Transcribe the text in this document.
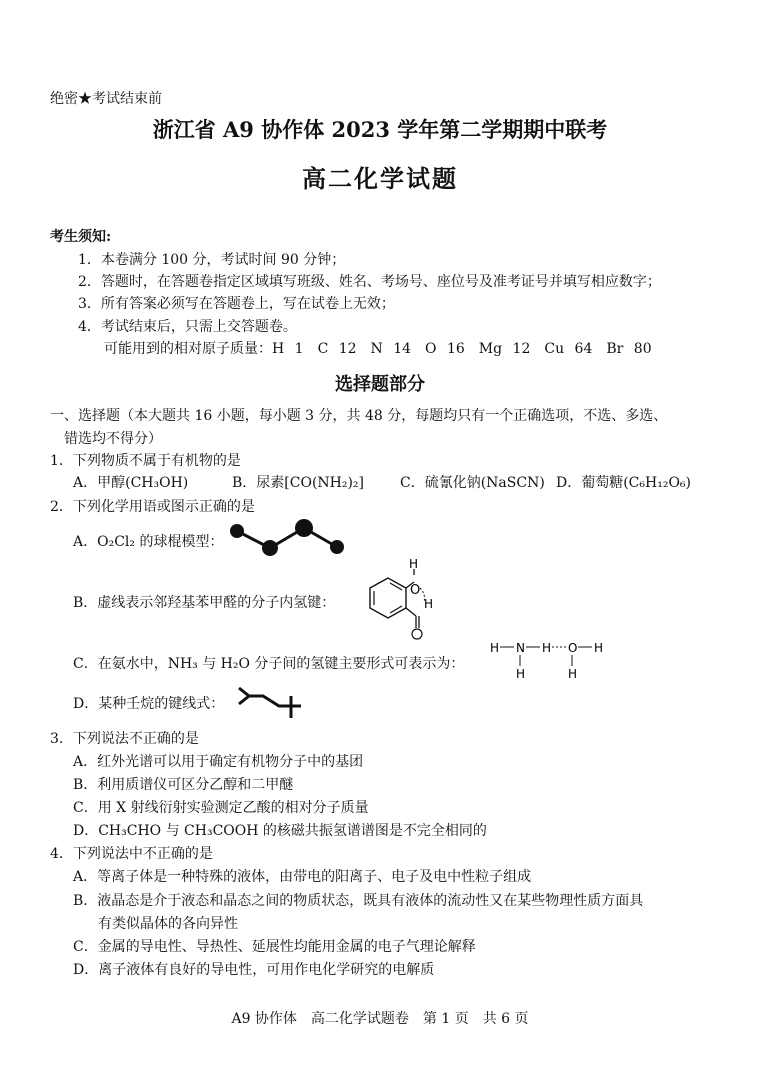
绝密★考试结束前
浙江省 A9 协作体 2023 学年第二学期期中联考
高二化学试题
考生须知:
1．本卷满分 100 分，考试时间 90 分钟；
2．答题时，在答题卷指定区域填写班级、姓名、考场号、座位号及准考证号并填写相应数字；
3．所有答案必须写在答题卷上，写在试卷上无效；
4．考试结束后，只需上交答题卷。
可能用到的相对原子质量：H 1　C 12　N 14　O 16　Mg 12　Cu 64　Br 80
选择题部分
一、选择题（本大题共 16 小题，每小题 3 分，共 48 分，每题均只有一个正确选项，不选、多选、
错选均不得分）
1．下列物质不属于有机物的是
A．甲醇(CH₃OH)	B．尿素[CO(NH₂)₂]	C．硫氰化钠(NaSCN) D．葡萄糖(C₆H₁₂O₆)
2．下列化学用语或图示正确的是
A．O₂Cl₂ 的球棍模型：
B．虚线表示邻羟基苯甲醛的分子内氢键：
O
H
H
C．在氨水中，NH₃ 与 H₂O 分子间的氢键主要形式可表示为：
H N H O H
H	H
D．某种壬烷的键线式：
3．下列说法不正确的是
A．红外光谱可以用于确定有机物分子中的基团
B．利用质谱仪可区分乙醇和二甲醚
C．用 X 射线衍射实验测定乙酸的相对分子质量
D．CH₃CHO 与 CH₃COOH 的核磁共振氢谱谱图是不完全相同的
4．下列说法中不正确的是
A．等离子体是一种特殊的液体，由带电的阳离子、电子及电中性粒子组成
B．液晶态是介于液态和晶态之间的物质状态，既具有液体的流动性又在某些物理性质方面具
有类似晶体的各向异性
C．金属的导电性、导热性、延展性均能用金属的电子气理论解释
D．离子液体有良好的导电性，可用作电化学研究的电解质
A9 协作体　高二化学试题卷　第 1 页　共 6 页
